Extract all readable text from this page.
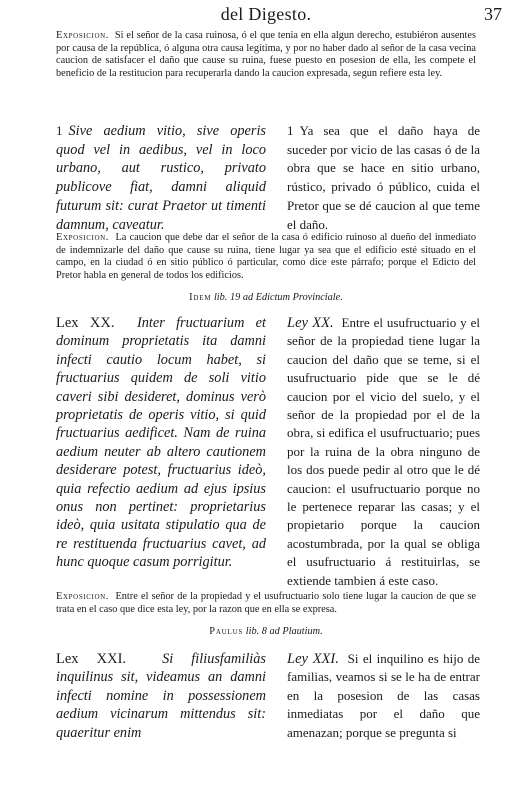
del Digesto.	37

Exposicion. Si el señor de la casa ruinosa, ó el que tenia en ella algun derecho, estubiéron ausentes por causa de la república, ó alguna otra causa legítima, y por no haber dado al señor de la casa vecina caucion de satisfacer el daño que cause su ruina, fuese puesto en posesion de ella, les compete el beneficio de la restitucion para recuperarla dando la caucion expresada, segun refiere esta ley.

1 Sive aedium vitio, sive operis quod vel in aedibus, vel in loco urbano, aut rustico, privato publicove fiat, damni aliquid futurum sit: curat Praetor ut timenti damnum, caveatur.

1 Ya sea que el daño haya de suceder por vicio de las casas ó de la obra que se hace en sitio urbano, rústico, privado ó público, cuida el Pretor que se dé caucion al que teme el daño.

Exposicion. La caucion que debe dar el señor de la casa ó edificio ruinoso al dueño del inmediato de indemnizarle del daño que cause su ruina, tiene lugar ya sea que el edificio esté situado en el campo, en la ciudad ó en sitio público ó particular, como dice este párrafo; porque el Edicto del Pretor habla en general de todos los edificios.

Idem lib. 19 ad Edictum Provinciale.

Lex XX. Inter fructuarium et dominum proprietatis ita damni infecti cautio locum habet, si fructuarius quidem de soli vitio caveri sibi desideret, dominus verò proprietatis de operis vitio, si quid fructuarius aedificet. Nam de ruina aedium neuter ab altero cautionem desiderare potest, fructuarius ideò, quia refectio aedium ad ejus ipsius onus non pertinet: proprietarius ideò, quia usitata stipulatio qua de re restituenda fructuarius cavet, ad hunc quoque casum porrigitur.

Ley XX. Entre el usufructuario y el señor de la propiedad tiene lugar la caucion del daño que se teme, si el usufructuario pide que se le dé caucion por el vicio del suelo, y el señor de la propiedad por el de la obra, si edifica el usufructuario; pues por la ruina de la obra ninguno de los dos puede pedir al otro que le dé caucion: el usufructuario porque no le pertenece reparar las casas; y el propietario porque la caucion acostumbrada, por la qual se obliga el usufructuario á restituirlas, se extiende tambien á este caso.

Exposicion. Entre el señor de la propiedad y el usufructuario solo tiene lugar la caucion de que se trata en el caso que dice esta ley, por la razon que en ella se expresa.

Paulus lib. 8 ad Plautium.

Lex XXI.	Si filiusfamiliàs inquilinus sit, videamus an damni infecti nomine in possessionem aedium vicinarum mittendus sit: quaeritur enim

Ley XXI. Si el inquilino es hijo de familias, veamos si se le ha de entrar en la posesion de las casas inmediatas por el daño que amenazan; porque se pregunta si
